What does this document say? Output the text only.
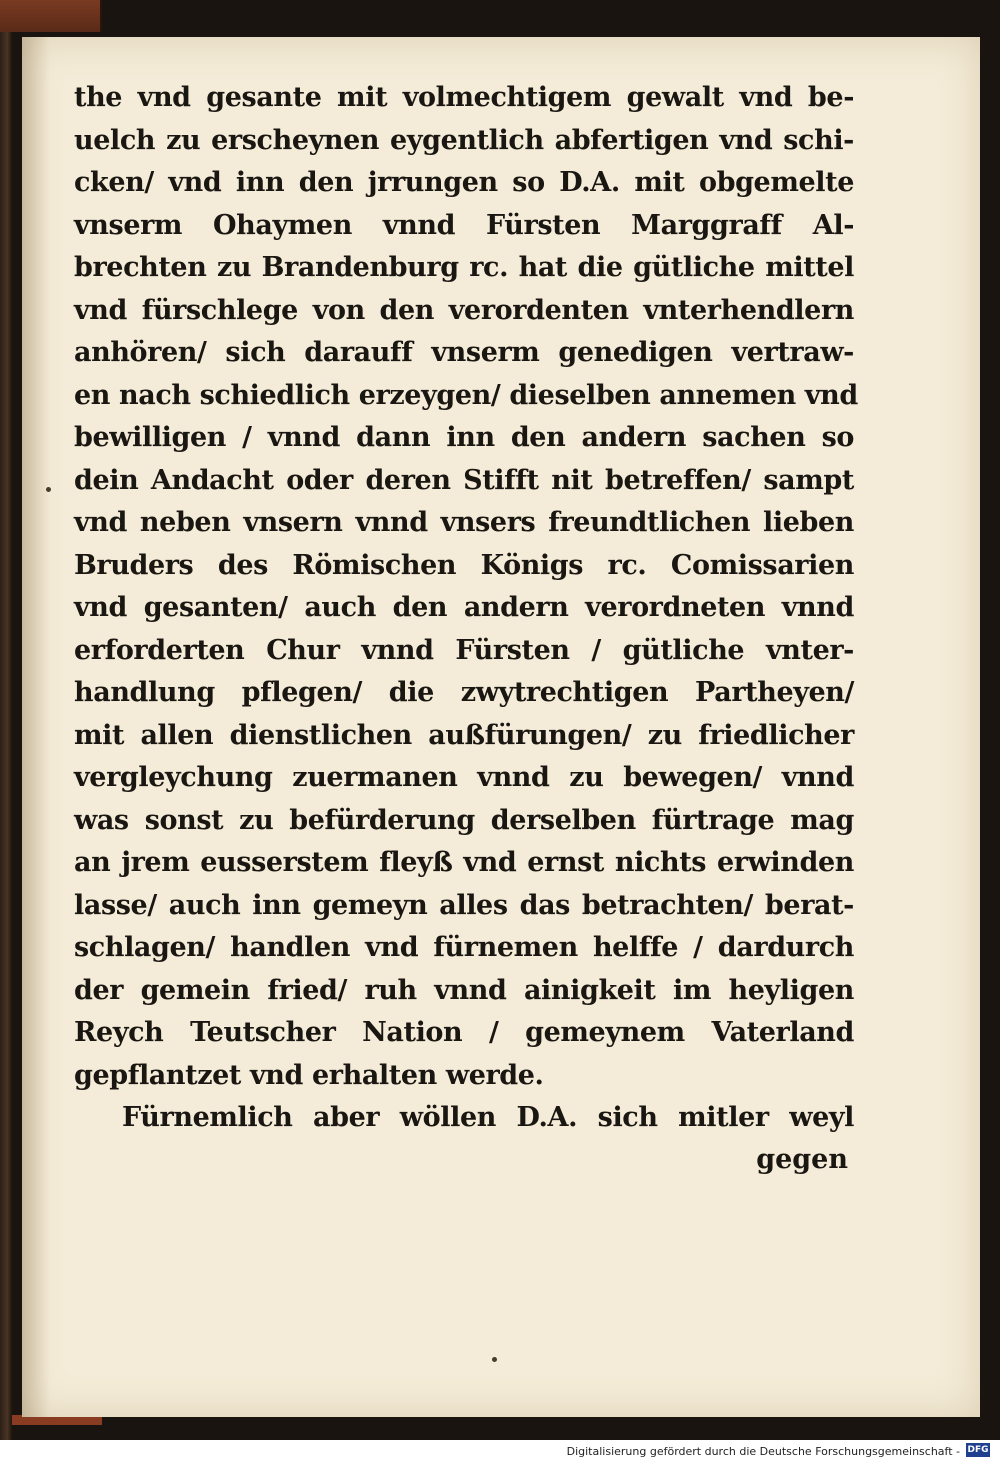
the vnd gesante mit volmechtigem gewalt vnd be-
uelch zu erscheynen eygentlich abfertigen vnd schi-
cken/ vnd inn den jrrungen so D.A. mit obgemelte
vnserm Ohaymen vnnd Fürsten Marggraff Al-
brechten zu Brandenburg rc. hat die gütliche mittel
vnd fürschlege von den verordenten vnterhendlern
anhören/ sich darauff vnserm genedigen vertraw-
en nach schiedlich erzeygen/ dieselben annemen vnd
bewilligen / vnnd dann inn den andern sachen so
dein Andacht oder deren Stifft nit betreffen/ sampt
vnd neben vnsern vnnd vnsers freundtlichen lieben
Bruders des Römischen Königs rc. Comissarien
vnd gesanten/ auch den andern verordneten vnnd
erforderten Chur vnnd Fürsten / gütliche vnter-
handlung pflegen/ die zwytrechtigen Partheyen/
mit allen dienstlichen außfürungen/ zu friedlicher
vergleychung zuermanen vnnd zu bewegen/ vnnd
was sonst zu befürderung derselben fürtrage mag
an jrem eusserstem fleyß vnd ernst nichts erwinden
lasse/ auch inn gemeyn alles das betrachten/ berat-
schlagen/ handlen vnd fürnemen helffe / dardurch
der gemein fried/ ruh vnnd ainigkeit im heyligen
Reych Teutscher Nation / gemeynem Vaterland
gepflantzet vnd erhalten werde.
Fürnemlich aber wöllen D.A. sich mitler weyl
gegen
Digitalisierung gefördert durch die Deutsche Forschungsgemeinschaft - DFG
